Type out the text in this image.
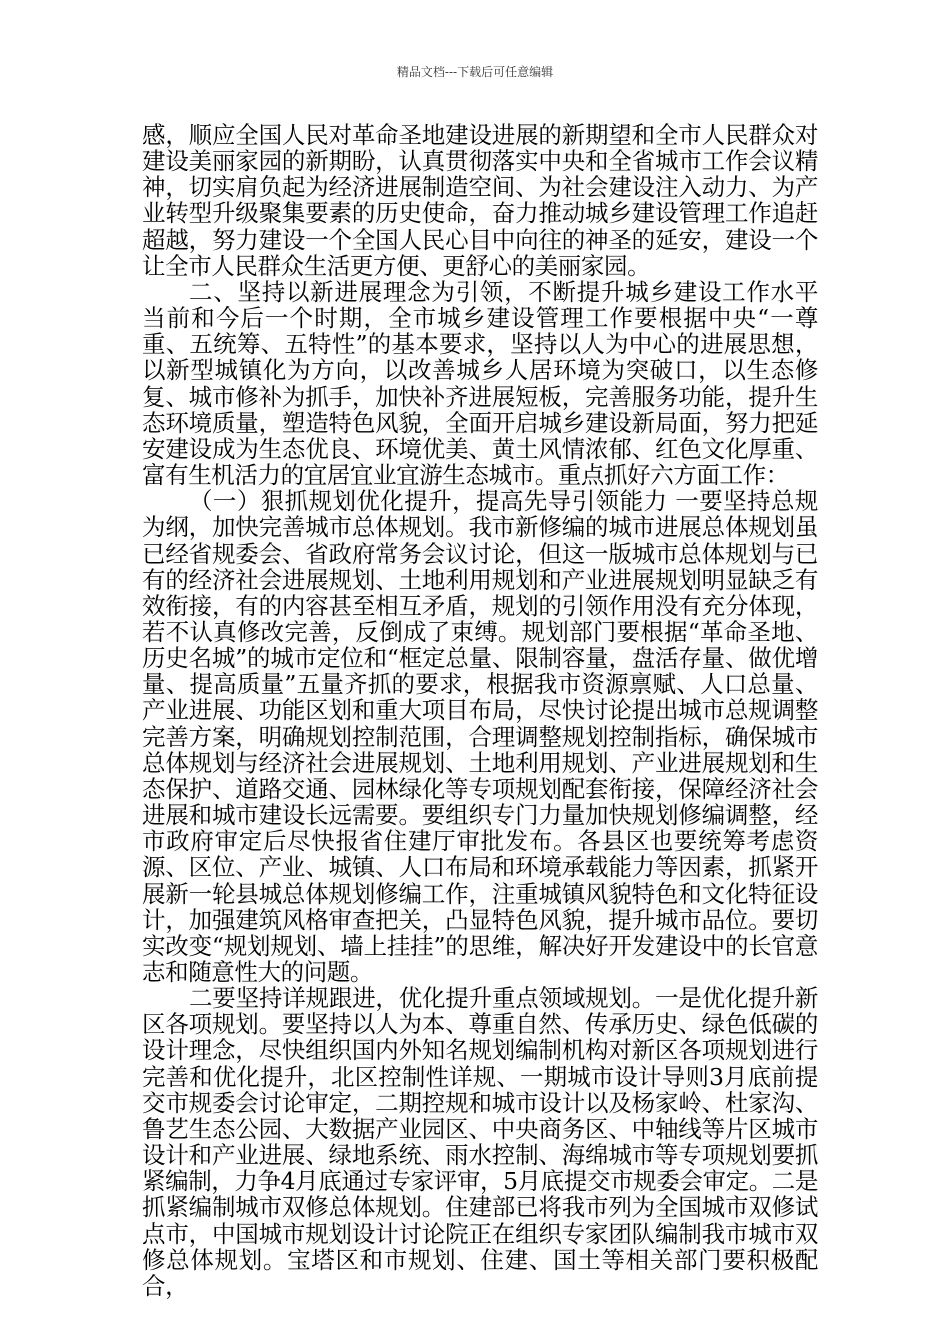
精品文档---下载后可任意编辑

感，顺应全国人民对革命圣地建设进展的新期望和全市人民群众对建设美丽家园的新期盼，认真贯彻落实中央和全省城市工作会议精神，切实肩负起为经济进展制造空间、为社会建设注入动力、为产业转型升级聚集要素的历史使命，奋力推动城乡建设管理工作追赶超越，努力建设一个全国人民心目中向往的神圣的延安，建设一个让全市人民群众生活更方便、更舒心的美丽家园。

二、坚持以新进展理念为引领，不断提升城乡建设工作水平 当前和今后一个时期，全市城乡建设管理工作要根据中央“一尊重、五统筹、五特性”的基本要求，坚持以人为中心的进展思想，以新型城镇化为方向，以改善城乡人居环境为突破口，以生态修复、城市修补为抓手，加快补齐进展短板，完善服务功能，提升生态环境质量，塑造特色风貌，全面开启城乡建设新局面，努力把延安建设成为生态优良、环境优美、黄土风情浓郁、红色文化厚重、富有生机活力的宜居宜业宜游生态城市。重点抓好六方面工作：

（一）狠抓规划优化提升，提高先导引领能力 一要坚持总规为纲，加快完善城市总体规划。我市新修编的城市进展总体规划虽已经省规委会、省政府常务会议讨论，但这一版城市总体规划与已有的经济社会进展规划、土地利用规划和产业进展规划明显缺乏有效衔接，有的内容甚至相互矛盾，规划的引领作用没有充分体现，若不认真修改完善，反倒成了束缚。规划部门要根据“革命圣地、历史名城”的城市定位和“框定总量、限制容量，盘活存量、做优增量、提高质量”五量齐抓的要求，根据我市资源禀赋、人口总量、产业进展、功能区划和重大项目布局，尽快讨论提出城市总规调整完善方案，明确规划控制范围，合理调整规划控制指标，确保城市总体规划与经济社会进展规划、土地利用规划、产业进展规划和生态保护、道路交通、园林绿化等专项规划配套衔接，保障经济社会进展和城市建设长远需要。要组织专门力量加快规划修编调整，经市政府审定后尽快报省住建厅审批发布。各县区也要统筹考虑资源、区位、产业、城镇、人口布局和环境承载能力等因素，抓紧开展新一轮县城总体规划修编工作，注重城镇风貌特色和文化特征设计，加强建筑风格审查把关，凸显特色风貌，提升城市品位。要切实改变“规划规划、墙上挂挂”的思维，解决好开发建设中的长官意志和随意性大的问题。

二要坚持详规跟进，优化提升重点领域规划。一是优化提升新区各项规划。要坚持以人为本、尊重自然、传承历史、绿色低碳的设计理念，尽快组织国内外知名规划编制机构对新区各项规划进行完善和优化提升，北区控制性详规、一期城市设计导则3月底前提交市规委会讨论审定，二期控规和城市设计以及杨家岭、杜家沟、鲁艺生态公园、大数据产业园区、中央商务区、中轴线等片区城市设计和产业进展、绿地系统、雨水控制、海绵城市等专项规划要抓紧编制，力争4月底通过专家评审，5月底提交市规委会审定。二是抓紧编制城市双修总体规划。住建部已将我市列为全国城市双修试点市，中国城市规划设计讨论院正在组织专家团队编制我市城市双修总体规划。宝塔区和市规划、住建、国土等相关部门要积极配合，
